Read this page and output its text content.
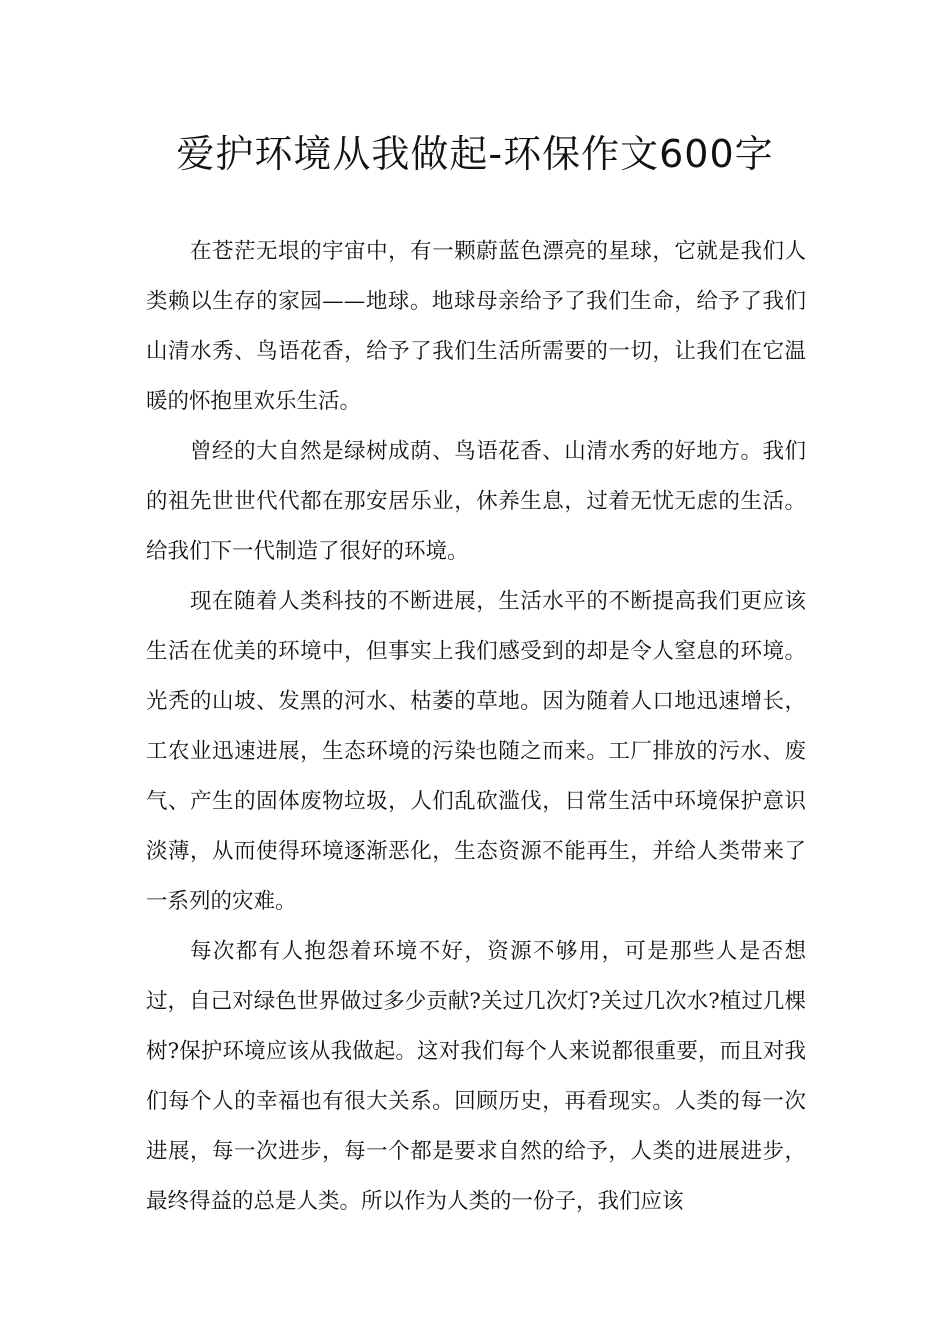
爱护环境从我做起-环保作文600字

在苍茫无垠的宇宙中，有一颗蔚蓝色漂亮的星球，它就是我们人类赖以生存的家园——地球。地球母亲给予了我们生命，给予了我们山清水秀、鸟语花香，给予了我们生活所需要的一切，让我们在它温暖的怀抱里欢乐生活。

曾经的大自然是绿树成荫、鸟语花香、山清水秀的好地方。我们的祖先世世代代都在那安居乐业，休养生息，过着无忧无虑的生活。给我们下一代制造了很好的环境。

现在随着人类科技的不断进展，生活水平的不断提高我们更应该生活在优美的环境中，但事实上我们感受到的却是令人窒息的环境。光秃的山坡、发黑的河水、枯萎的草地。因为随着人口地迅速增长，工农业迅速进展，生态环境的污染也随之而来。工厂排放的污水、废气、产生的固体废物垃圾，人们乱砍滥伐，日常生活中环境保护意识淡薄，从而使得环境逐渐恶化，生态资源不能再生，并给人类带来了一系列的灾难。

每次都有人抱怨着环境不好，资源不够用，可是那些人是否想过，自己对绿色世界做过多少贡献?关过几次灯?关过几次水?植过几棵树?保护环境应该从我做起。这对我们每个人来说都很重要，而且对我们每个人的幸福也有很大关系。回顾历史，再看现实。人类的每一次进展，每一次进步，每一个都是要求自然的给予，人类的进展进步，最终得益的总是人类。所以作为人类的一份子，我们应该
